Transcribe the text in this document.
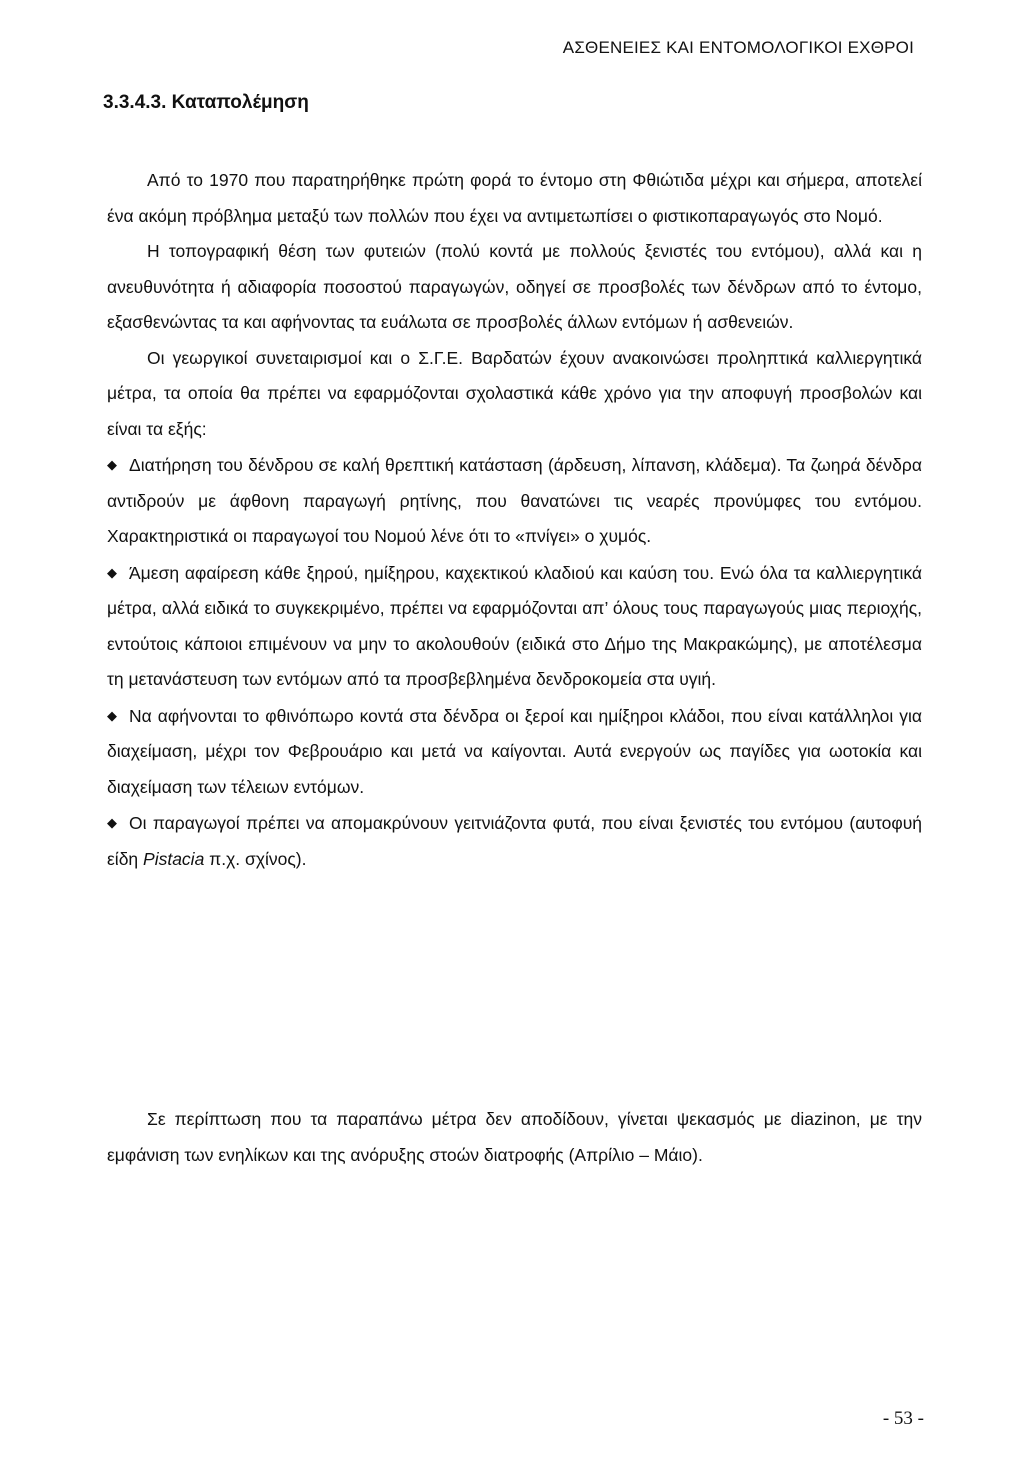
ΑΣΘΕΝΕΙΕΣ ΚΑΙ ΕΝΤΟΜΟΛΟΓΙΚΟΙ ΕΧΘΡΟΙ
3.3.4.3. Καταπολέμηση

Από το 1970 που παρατηρήθηκε πρώτη φορά το έντομο στη Φθιώτιδα μέχρι και σήμερα, αποτελεί ένα ακόμη πρόβλημα μεταξύ των πολλών που έχει να αντιμετωπίσει ο φιστικοπαραγωγός στο Νομό.

Η τοπογραφική θέση των φυτειών (πολύ κοντά με πολλούς ξενιστές του εντόμου), αλλά και η ανευθυνότητα ή αδιαφορία ποσοστού παραγωγών, οδηγεί σε προσβολές των δένδρων από το έντομο, εξασθενώντας τα και αφήνοντας τα ευάλωτα σε προσβολές άλλων εντόμων ή ασθενειών.

Οι γεωργικοί συνεταιρισμοί και ο Σ.Γ.Ε. Βαρδατών έχουν ανακοινώσει προληπτικά καλλιεργητικά μέτρα, τα οποία θα πρέπει να εφαρμόζονται σχολαστικά κάθε χρόνο για την αποφυγή προσβολών και είναι τα εξής:

◆ Διατήρηση του δένδρου σε καλή θρεπτική κατάσταση (άρδευση, λίπανση, κλάδεμα). Τα ζωηρά δένδρα αντιδρούν με άφθονη παραγωγή ρητίνης, που θανατώνει τις νεαρές προνύμφες του εντόμου. Χαρακτηριστικά οι παραγωγοί του Νομού λένε ότι το «πνίγει» ο χυμός.
◆ Άμεση αφαίρεση κάθε ξηρού, ημίξηρου, καχεκτικού κλαδιού και καύση του. Ενώ όλα τα καλλιεργητικά μέτρα, αλλά ειδικά το συγκεκριμένο, πρέπει να εφαρμόζονται απ’ όλους τους παραγωγούς μιας περιοχής, εντούτοις κάποιοι επιμένουν να μην το ακολουθούν (ειδικά στο Δήμο της Μακρακώμης), με αποτέλεσμα τη μετανάστευση των εντόμων από τα προσβεβλημένα δενδροκομεία στα υγιή.
◆ Να αφήνονται το φθινόπωρο κοντά στα δένδρα οι ξεροί και ημίξηροι κλάδοι, που είναι κατάλληλοι για διαχείμαση, μέχρι τον Φεβρουάριο και μετά να καίγονται. Αυτά ενεργούν ως παγίδες για ωοτοκία και διαχείμαση των τέλειων εντόμων.
◆ Οι παραγωγοί πρέπει να απομακρύνουν γειτνιάζοντα φυτά, που είναι ξενιστές του εντόμου (αυτοφυή είδη Pistacia π.χ. σχίνος).

Σε περίπτωση που τα παραπάνω μέτρα δεν αποδίδουν, γίνεται ψεκασμός με diazinon, με την εμφάνιση των ενηλίκων και της ανόρυξης στοών διατροφής (Απρίλιο – Μάιο).

- 53 -
